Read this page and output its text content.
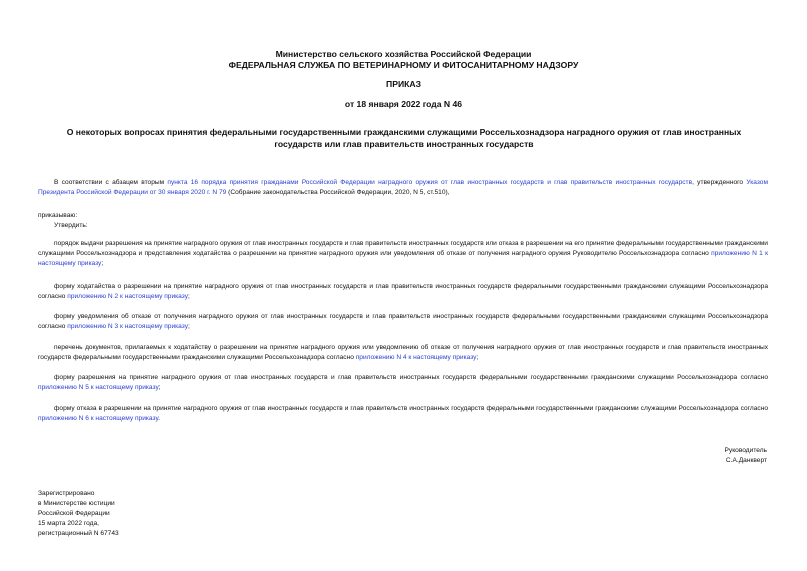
Министерство сельского хозяйства Российской Федерации
ФЕДЕРАЛЬНАЯ СЛУЖБА ПО ВЕТЕРИНАРНОМУ И ФИТОСАНИТАРНОМУ НАДЗОРУ
ПРИКАЗ
от 18 января 2022 года N 46
О некоторых вопросах принятия федеральными государственными гражданскими служащими Россельхознадзора наградного оружия от глав иностранных государств или глав правительств иностранных государств
В соответствии с абзацем вторым пункта 16 порядка принятия гражданами Российской Федерации наградного оружия от глав иностранных государств и глав правительств иностранных государств, утвержденного Указом Президента Российской Федерации от 30 января 2020 г. N 79 (Собрание законодательства Российской Федерации, 2020, N 5, ст.510),
приказываю:
Утвердить:
порядок выдачи разрешения на принятие наградного оружия от глав иностранных государств и глав правительств иностранных государств или отказа в разрешении на его принятие федеральными государственными гражданскими служащими Россельхознадзора и представления ходатайства о разрешении на принятие наградного оружия или уведомления об отказе от получения наградного оружия Руководителю Россельхознадзора согласно приложению N 1 к настоящему приказу;
форму ходатайства о разрешении на принятие наградного оружия от глав иностранных государств и глав правительств иностранных государств федеральными государственными гражданскими служащими Россельхознадзора согласно приложению N 2 к настоящему приказу;
форму уведомления об отказе от получения наградного оружия от глав иностранных государств и глав правительств иностранных государств федеральными государственными гражданскими служащими Россельхознадзора согласно приложению N 3 к настоящему приказу;
перечень документов, прилагаемых к ходатайству о разрешении на принятие наградного оружия или уведомлению об отказе от получения наградного оружия от глав иностранных государств и глав правительств иностранных государств федеральными государственными гражданскими служащими Россельхознадзора согласно приложению N 4 к настоящему приказу;
форму разрешения на принятие наградного оружия от глав иностранных государств и глав правительств иностранных государств федеральными государственными гражданскими служащими Россельхознадзора согласно приложению N 5 к настоящему приказу;
форму отказа в разрешении на принятие наградного оружия от глав иностранных государств и глав правительств иностранных государств федеральными государственными гражданскими служащими Россельхознадзора согласно приложению N 6 к настоящему приказу.
Руководитель
С.А.Данкверт
Зарегистрировано
в Министерстве юстиции
Российской Федерации
15 марта 2022 года,
регистрационный N 67743
